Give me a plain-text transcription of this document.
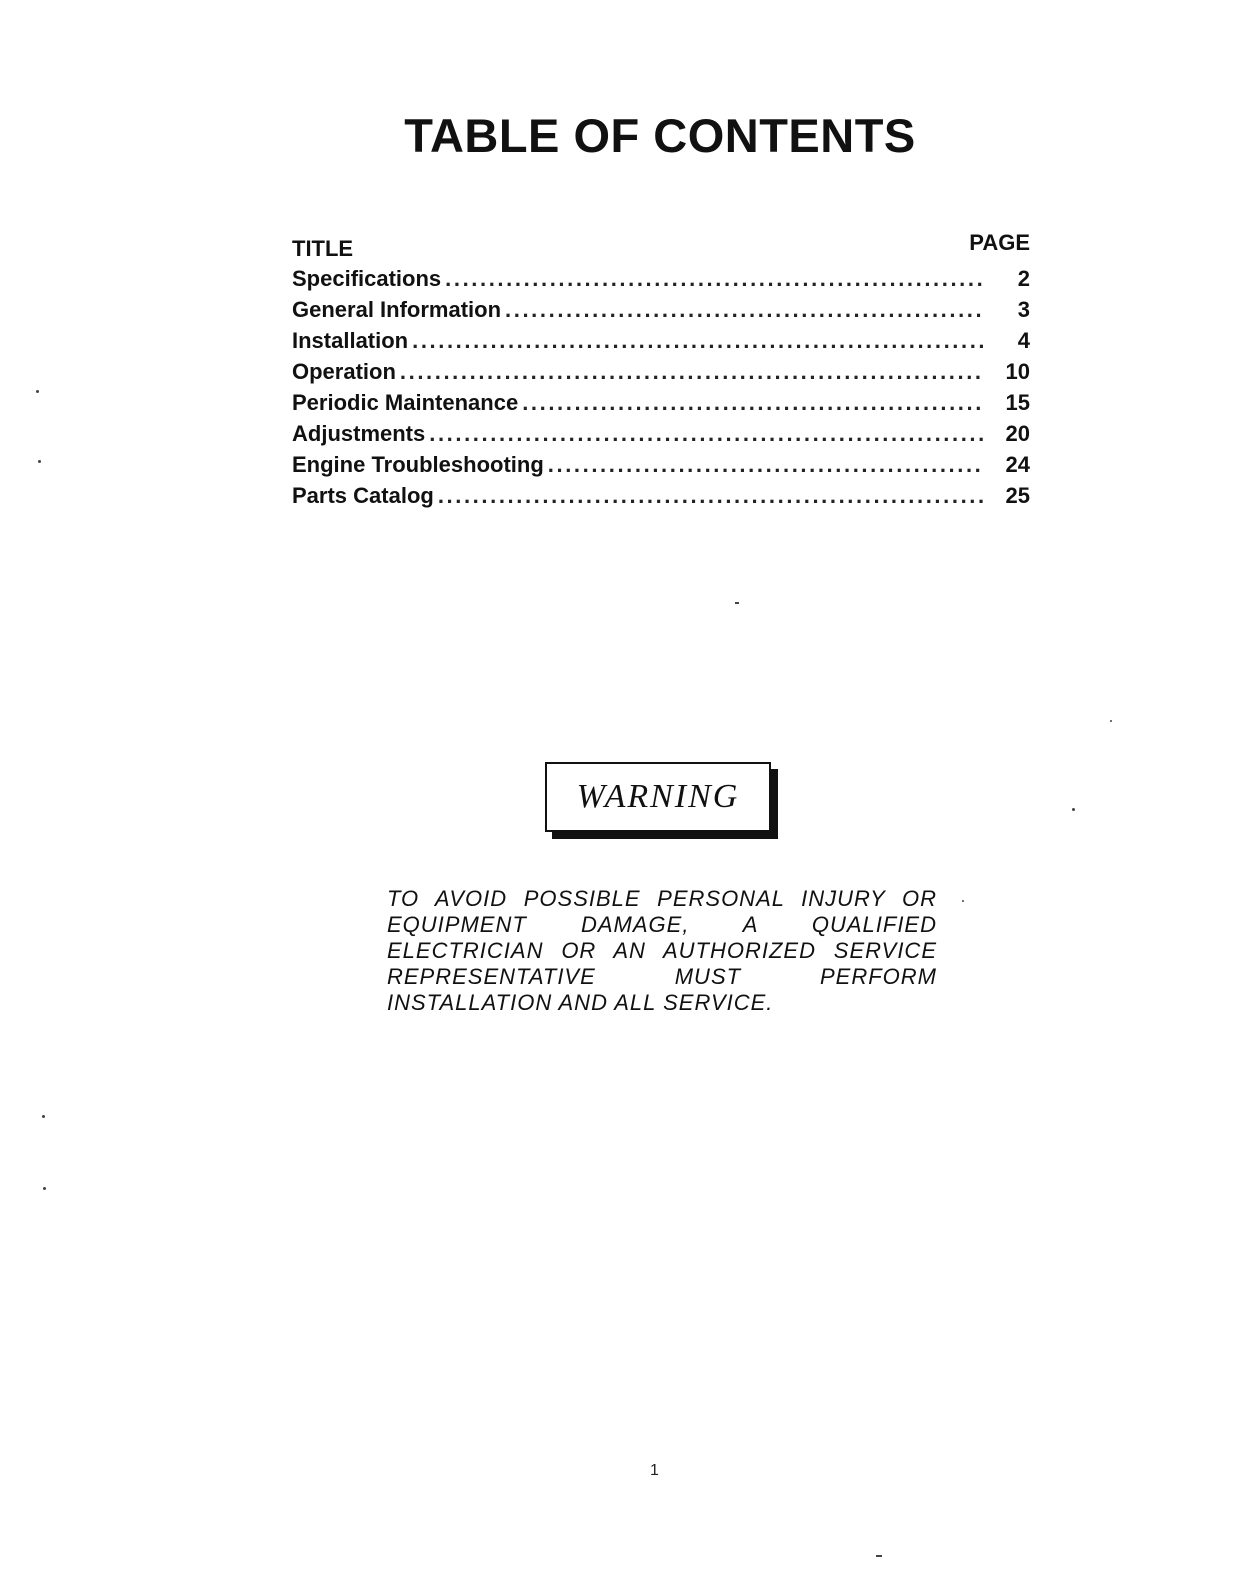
TABLE OF CONTENTS
TITLE	PAGE
Specifications .....	2
General Information .....	3
Installation .....	4
Operation .....	10
Periodic Maintenance .....	15
Adjustments .....	20
Engine Troubleshooting .....	24
Parts Catalog .....	25
WARNING

TO AVOID POSSIBLE PERSONAL INJURY OR EQUIPMENT DAMAGE, A QUALIFIED ELECTRICIAN OR AN AUTHORIZED SERVICE REPRESENTATIVE MUST PERFORM INSTALLATION AND ALL SERVICE.

1
